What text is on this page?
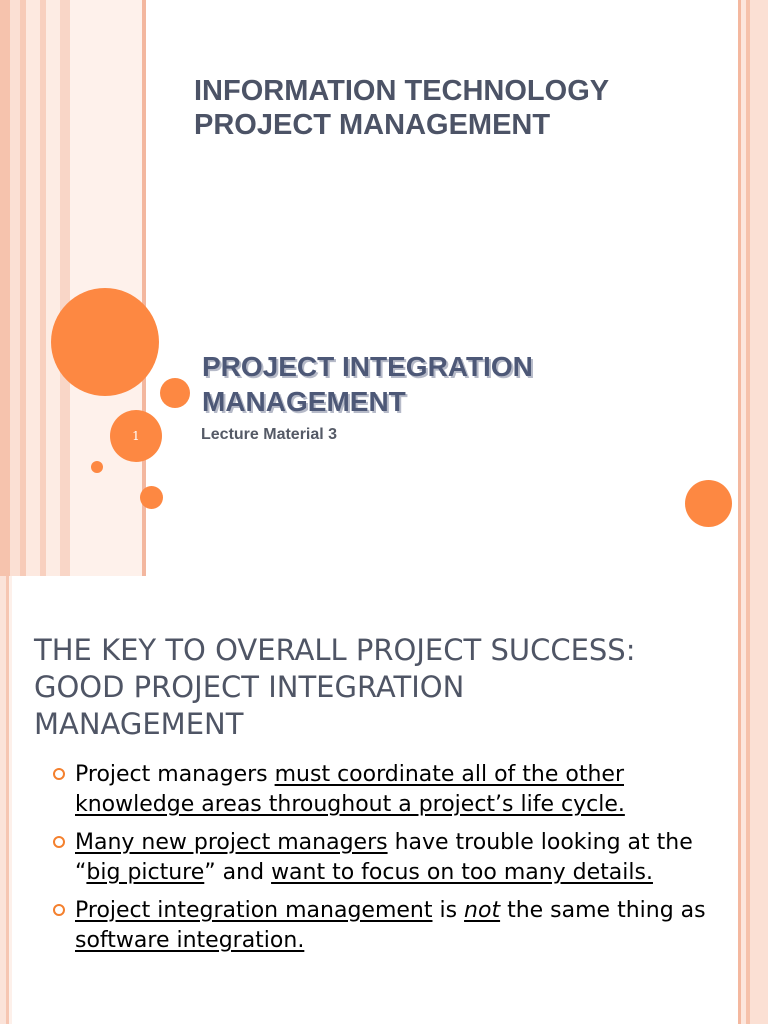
INFORMATION TECHNOLOGY
PROJECT MANAGEMENT
1
PROJECT INTEGRATION
MANAGEMENT
Lecture Material 3
THE KEY TO OVERALL PROJECT SUCCESS:
GOOD PROJECT INTEGRATION
MANAGEMENT
Project managers must coordinate all of the other knowledge areas throughout a project’s life cycle.
Many new project managers have trouble looking at the “big picture” and want to focus on too many details.
Project integration management is not the same thing as software integration.
